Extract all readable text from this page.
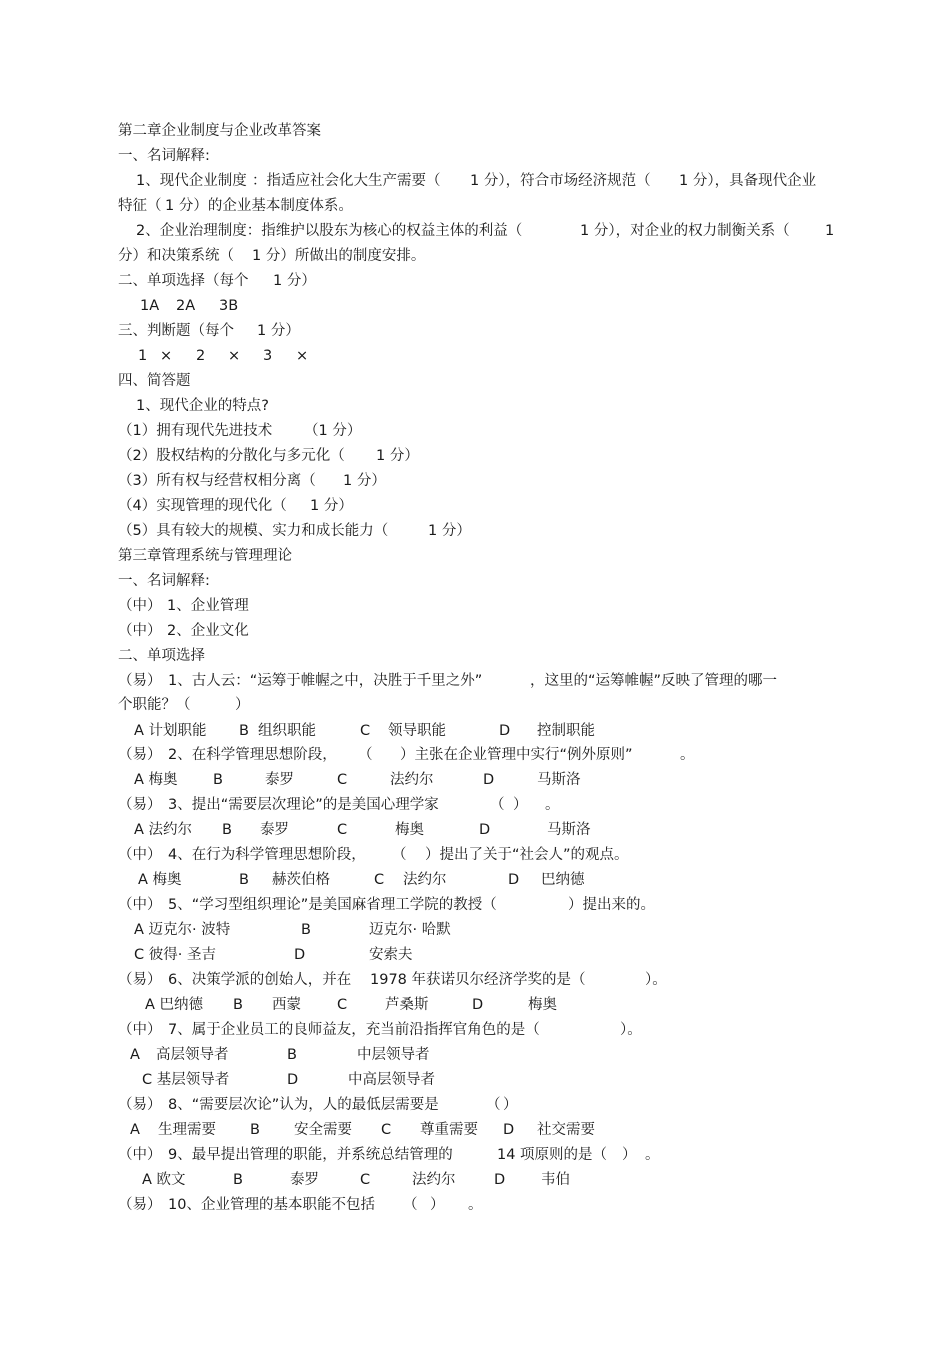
第二章企业制度与企业改革答案
一、名词解释:
1、现代企业制度 ：指适应社会化大生产需要（ 1 分），符合市场经济规范（ 1 分），具备现代企业
特征（ 1 分）的企业基本制度体系。
2、企业治理制度：指维护以股东为核心的权益主体的利益（	1 分），对企业的权力制衡关系（ 1
分）和决策系统（ 1 分）所做出的制度安排。
二、单项选择（每个 1 分）
1A 2A 3B
三、判断题（每个 1 分）
1 × 2 × 3 ×
四、简答题
1、现代企业的特点?
（1）拥有现代先进技术 （1 分）
（2）股权结构的分散化与多元化（ 1 分）
（3）所有权与经营权相分离（ 1 分）
（4）实现管理的现代化（ 1 分）
（5）具有较大的规模、实力和成长能力（	1 分）
第三章管理系统与管理理论
一、名词解释:
（中） 1、企业管理
（中） 2、企业文化
二、单项选择
（易） 1、古人云：“运筹于帷幄之中，决胜于千里之外”	，这里的“运筹帷幄”反映了管理的哪一
个职能？（	）
A 计划职能 B 组织职能	C 领导职能	D 控制职能
（易） 2、在科学管理思想阶段， （ ）主张在企业管理中实行“例外原则”	。
A 梅奥 B	泰罗	C	法约尔	D	马斯洛
（易） 3、提出“需要层次理论”的是美国心理学家	（ ） 。
A 法约尔 B 泰罗	C	梅奥	D	马斯洛
（中） 4、在行为科学管理思想阶段， （ ）提出了关于“社会人”的观点。
A 梅奥	B 赫茨伯格	C 法约尔	D 巴纳德
（中） 5、“学习型组织理论”是美国麻省理工学院的教授（	）提出来的。
A 迈克尔· 波特	B	迈克尔· 哈默
C 彼得· 圣吉	D	安索夫
（易） 6、决策学派的创始人，并在 1978 年获诺贝尔经济学奖的是（	）。
A 巴纳德 B 西蒙 C	芦桑斯	D	梅奥
（中） 7、属于企业员工的良师益友，充当前沿指挥官角色的是（	）。
A 高层领导者	B	中层领导者
C 基层领导者	D	中高层领导者
（易） 8、“需要层次论”认为，人的最低层需要是	（ ）
A 生理需要 B 安全需要 C 尊重需要 D 社交需要
（中） 9、最早提出管理的职能，并系统总结管理的	14 项原则的是（ ） 。
A 欧文	B	泰罗	C	法约尔	D 韦伯
（易） 10、企业管理的基本职能不包括 （ ） 。
